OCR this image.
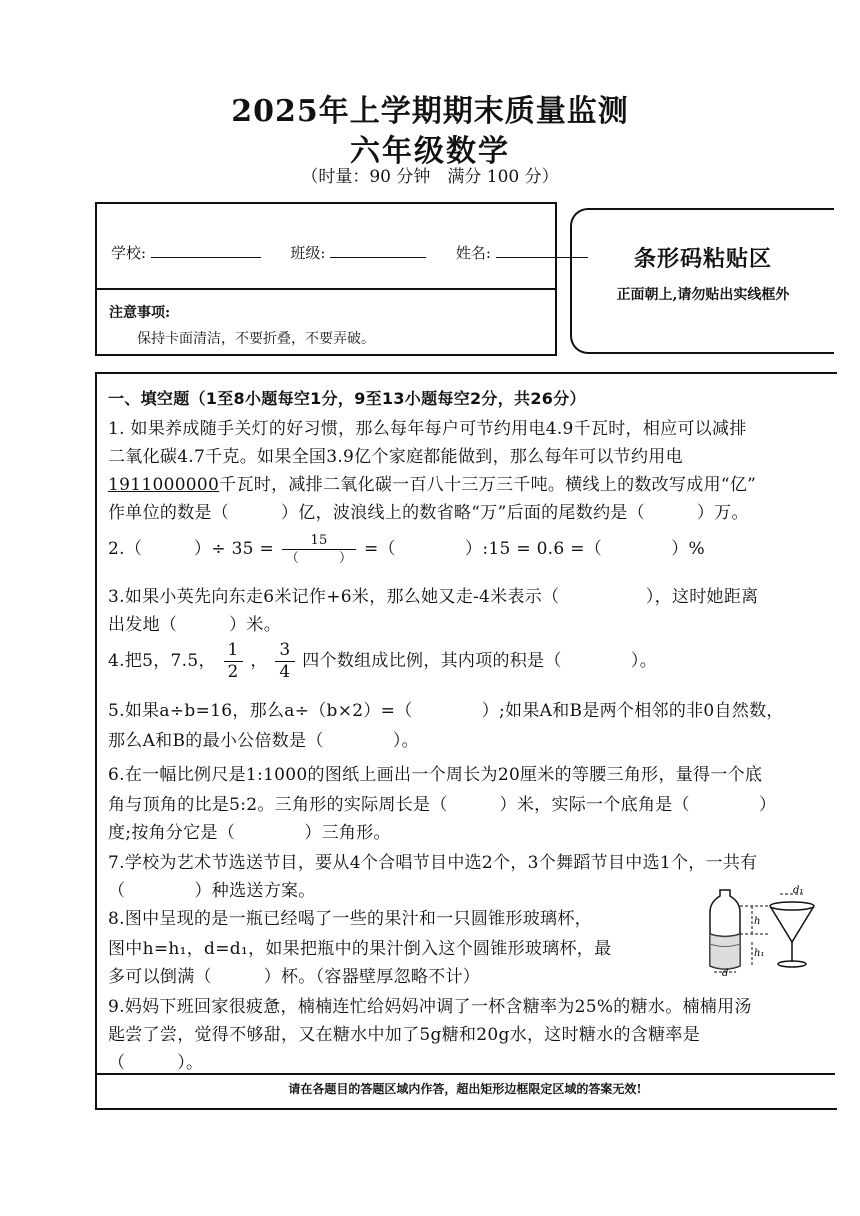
2025年上学期期末质量监测
六年级数学
（时量：90 分钟　满分 100 分）
学校:	班级:	姓名:
注意事项:
保持卡面清洁，不要折叠，不要弄破。
条形码粘贴区
正面朝上,请勿贴出实线框外
一、填空题（1至8小题每空1分，9至13小题每空2分，共26分）
1. 如果养成随手关灯的好习惯，那么每年每户可节约用电4.9千瓦时，相应可以减排
二氧化碳4.7千克。如果全国3.9亿个家庭都能做到，那么每年可以节约用电
1911000000千瓦时，减排二氧化碳一百八十三万三千吨。横线上的数改写成用“亿”
作单位的数是（　　　）亿，波浪线上的数省略“万”后面的尾数约是（　　　）万。
2.（　　　）÷ $35 = \frac{15}{( )}$ =（　　　　）:15 = 0.6 =（　　　　）%
3.如果小英先向东走6米记作+6米，那么她又走-4米表示（　　　　　），这时她距离
出发地（　　　）米。
4.把5，7.5， $\frac{1}{2}$ ， $\frac{3}{4}$ 四个数组成比例，其内项的积是（　　　　）。
5.如果a÷b=16，那么a÷（b×2）=（　　　　）;如果A和B是两个相邻的非0自然数，
那么A和B的最小公倍数是（　　　　）。
6.在一幅比例尺是1:1000的图纸上画出一个周长为20厘米的等腰三角形，量得一个底
角与顶角的比是5:2。三角形的实际周长是（　　　）米，实际一个底角是（　　　　）
度;按角分它是（　　　　）三角形。
7.学校为艺术节选送节目，要从4个合唱节目中选2个，3个舞蹈节目中选1个，一共有
（　　　　）种选送方案。
8.图中呈现的是一瓶已经喝了一些的果汁和一只圆锥形玻璃杯，
图中h=h₁，d=d₁，如果把瓶中的果汁倒入这个圆锥形玻璃杯，最
多可以倒满（　　　）杯。（容器壁厚忽略不计）
d₁
h
h₁
d
9.妈妈下班回家很疲惫，楠楠连忙给妈妈冲调了一杯含糖率为25%的糖水。楠楠用汤
匙尝了尝，觉得不够甜，又在糖水中加了5g糖和20g水，这时糖水的含糖率是
（　　　）。
请在各题目的答题区域内作答，超出矩形边框限定区域的答案无效!
